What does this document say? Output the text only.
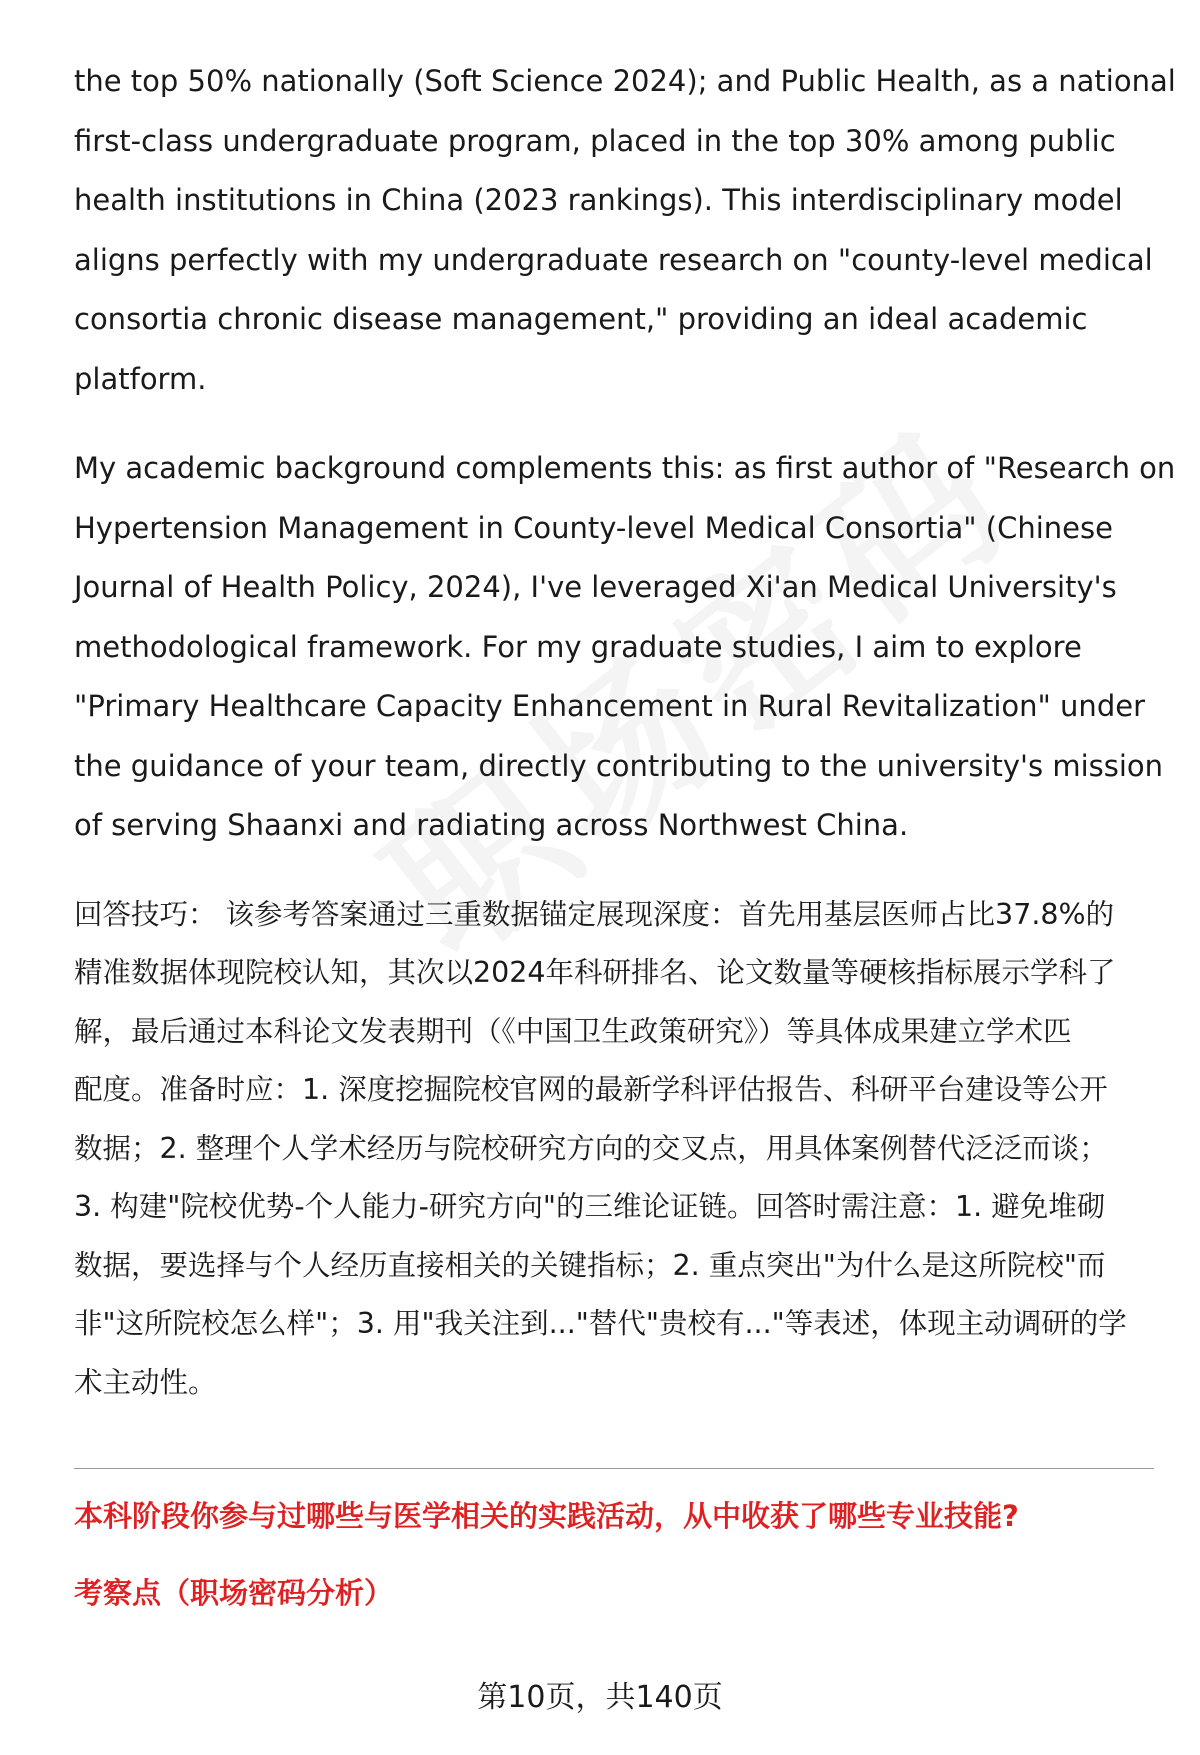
the top 50% nationally (Soft Science 2024); and Public Health, as a national
first-class undergraduate program, placed in the top 30% among public
health institutions in China (2023 rankings). This interdisciplinary model
aligns perfectly with my undergraduate research on "county-level medical
consortia chronic disease management," providing an ideal academic
platform.
My academic background complements this: as first author of "Research on
Hypertension Management in County-level Medical Consortia" (Chinese
Journal of Health Policy, 2024), I've leveraged Xi'an Medical University's
methodological framework. For my graduate studies, I aim to explore
"Primary Healthcare Capacity Enhancement in Rural Revitalization" under
the guidance of your team, directly contributing to the university's mission
of serving Shaanxi and radiating across Northwest China.
回答技巧： 该参考答案通过三重数据锚定展现深度：首先用基层医师占比37.8%的
精准数据体现院校认知，其次以2024年科研排名、论文数量等硬核指标展示学科了
解，最后通过本科论文发表期刊（《中国卫生政策研究》）等具体成果建立学术匹
配度。准备时应：1. 深度挖掘院校官网的最新学科评估报告、科研平台建设等公开
数据；2. 整理个人学术经历与院校研究方向的交叉点，用具体案例替代泛泛而谈；
3. 构建"院校优势-个人能力-研究方向"的三维论证链。回答时需注意：1. 避免堆砌
数据，要选择与个人经历直接相关的关键指标；2. 重点突出"为什么是这所院校"而
非"这所院校怎么样"；3. 用"我关注到..."替代"贵校有..."等表述，体现主动调研的学
术主动性。
本科阶段你参与过哪些与医学相关的实践活动，从中收获了哪些专业技能?
考察点（职场密码分析）
第10页，共140页
